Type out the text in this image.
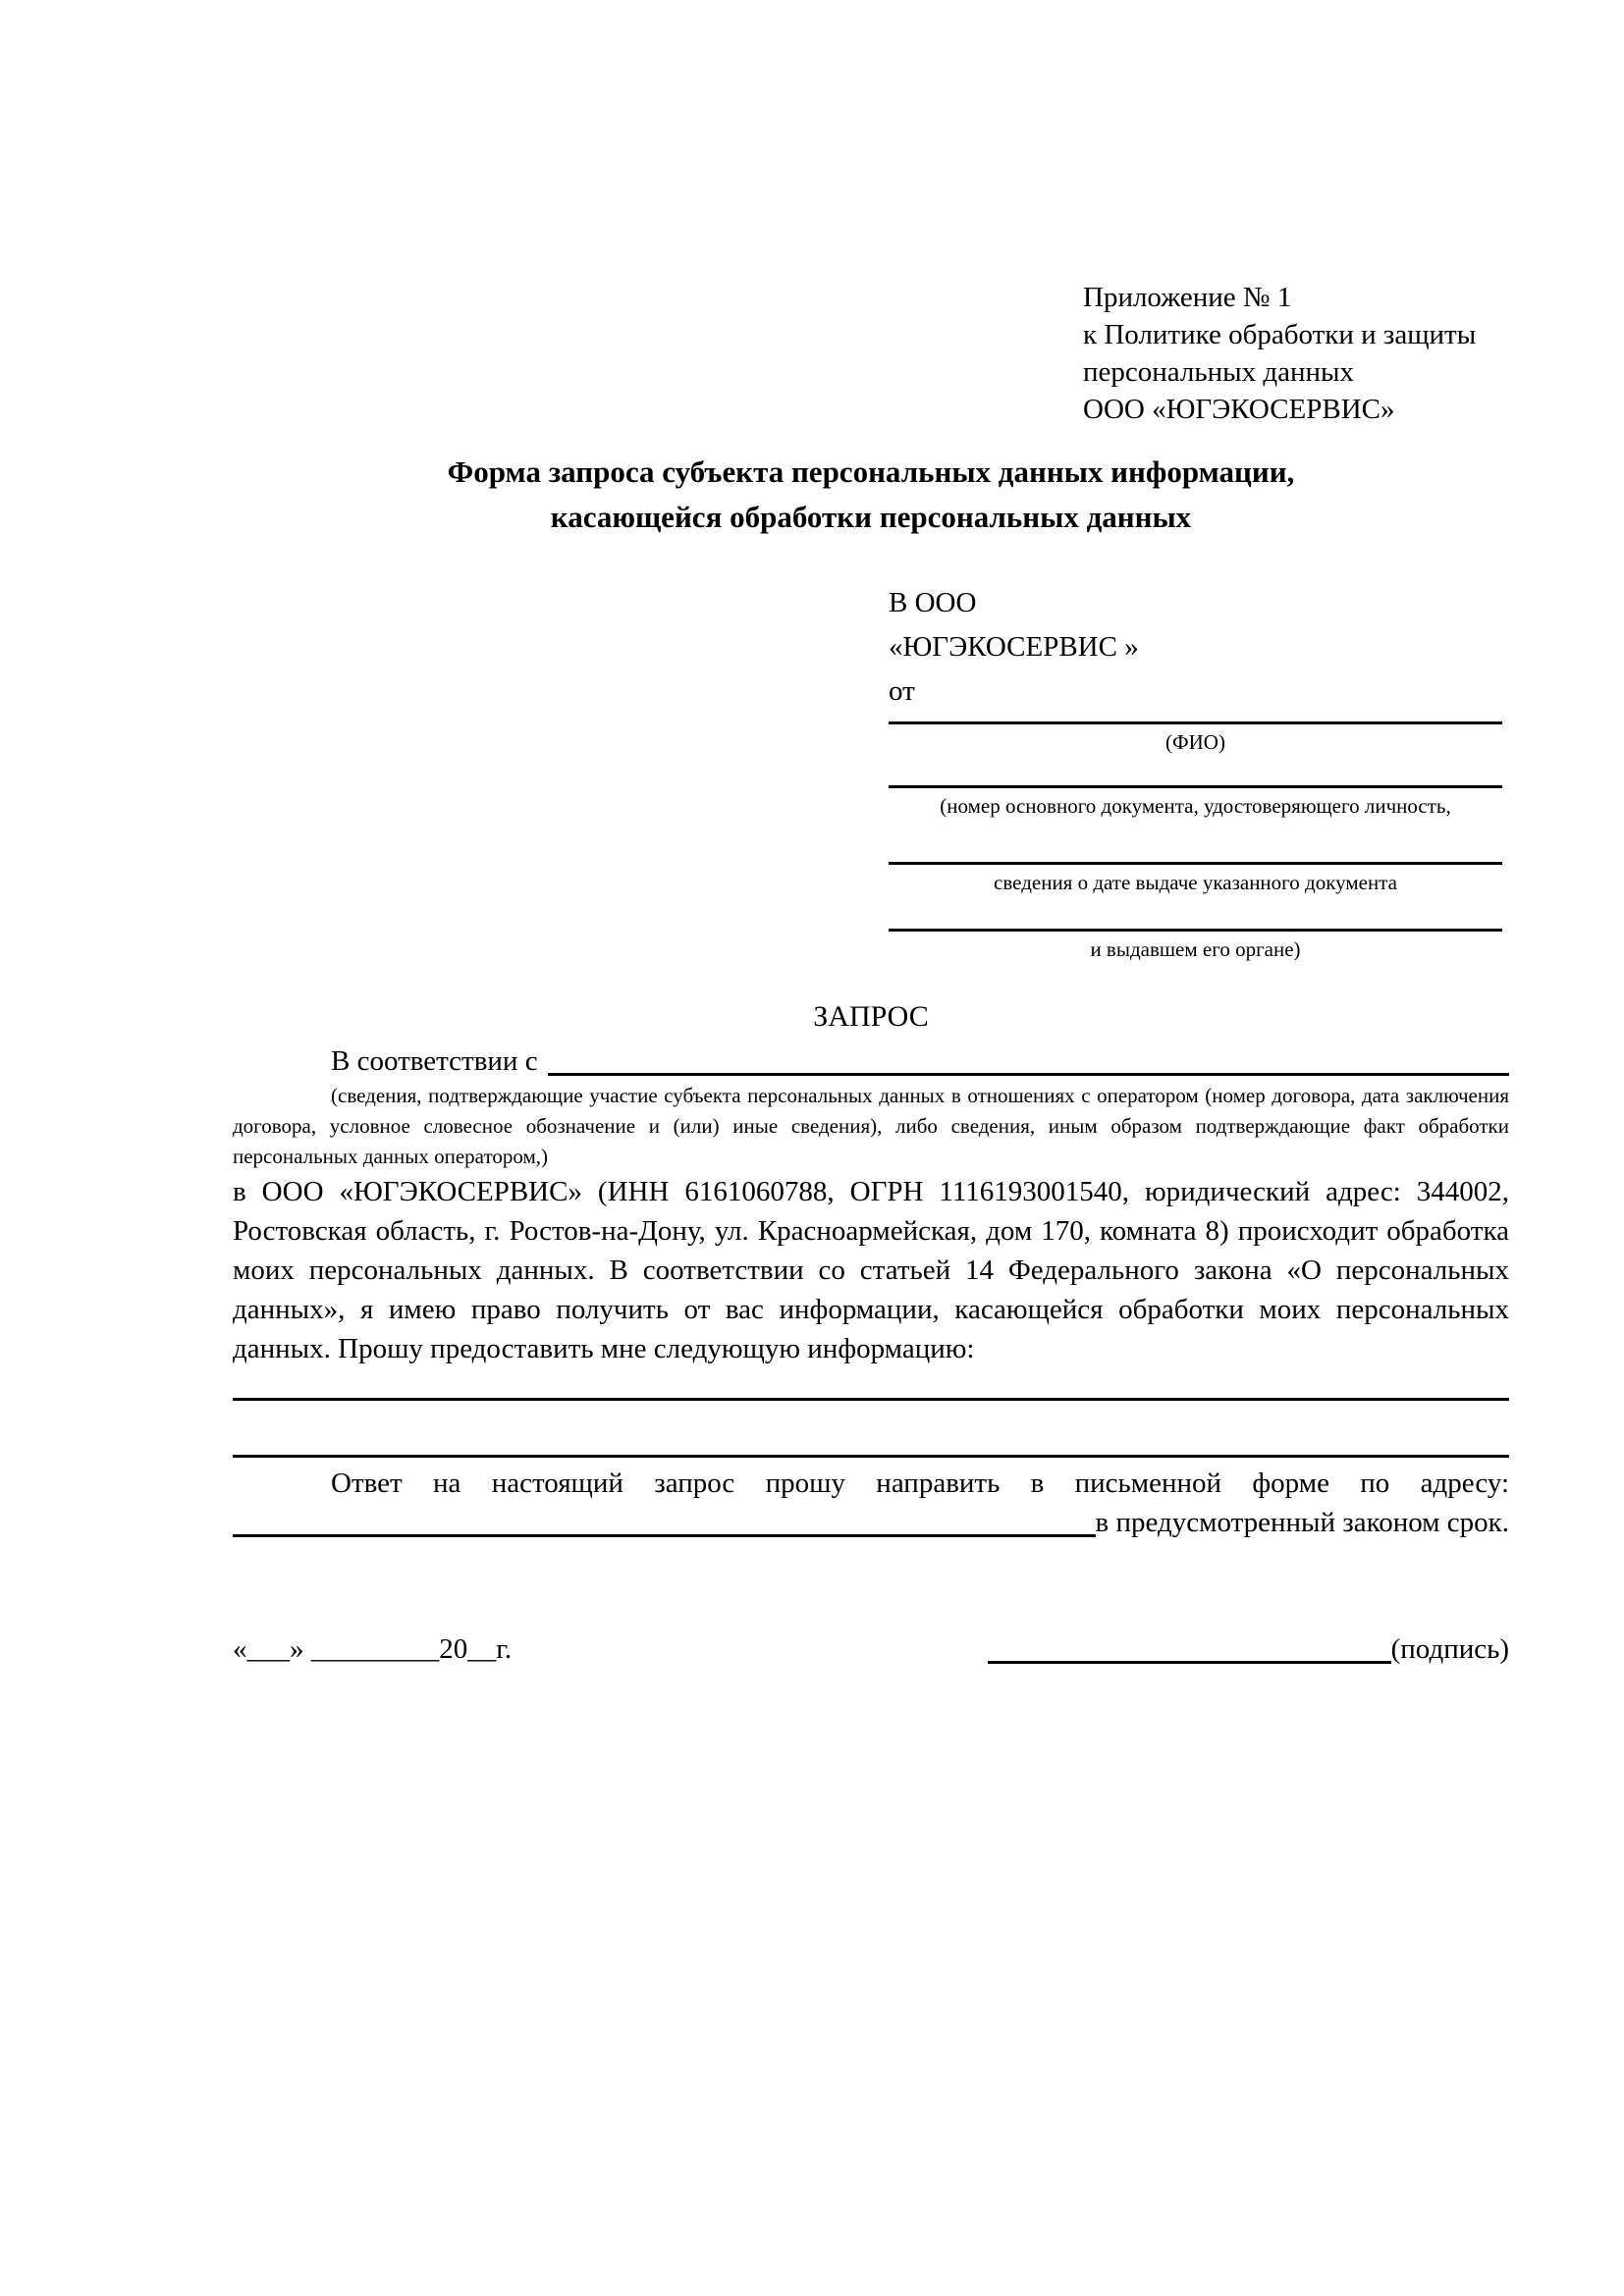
Приложение № 1
к Политике обработки и защиты
персональных данных
ООО «ЮГЭКОСЕРВИС»
Форма запроса субъекта персональных данных информации,
касающейся обработки персональных данных
В ООО
«ЮГЭКОСЕРВИС »
от
(ФИО)
(номер основного документа, удостоверяющего личность,
сведения о дате выдаче указанного документа
и выдавшем его органе)
ЗАПРОС
В соответствии с

(сведения, подтверждающие участие субъекта персональных данных в отношениях с оператором (номер договора, дата заключения договора, условное словесное обозначение и (или) иные сведения), либо сведения, иным образом подтверждающие факт обработки персональных данных оператором,)

в ООО «ЮГЭКОСЕРВИС» (ИНН 6161060788, ОГРН 1116193001540, юридический адрес: 344002, Ростовская область, г. Ростов-на-Дону, ул. Красноармейская, дом 170, комната 8) происходит обработка моих персональных данных. В соответствии со статьей 14 Федерального закона «О персональных данных», я имею право получить от вас информации, касающейся обработки моих персональных данных. Прошу предоставить мне следующую информацию:

Ответ на настоящий запрос прошу направить в письменной форме по адресу:

в предусмотренный законом срок.
«___» _________20__г.	(подпись)
